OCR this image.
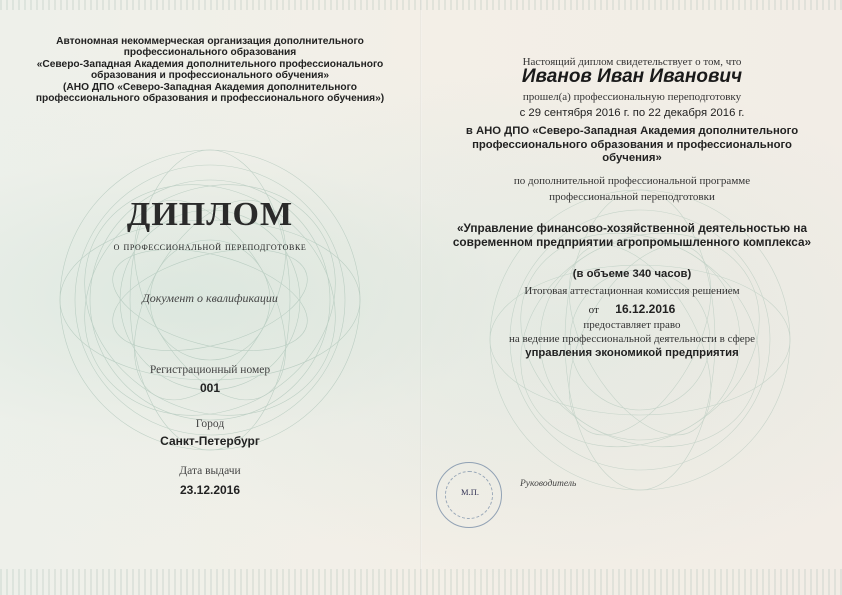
Автономная некоммерческая организация дополнительного
профессионального образования
«Северо-Западная Академия дополнительного профессионального
образования и профессионального обучения»
(АНО ДПО «Северо-Западная Академия дополнительного
профессионального образования и профессионального обучения»)
ДИПЛОМ
о профессиональной переподготовке
Документ о квалификации
Регистрационный номер
001
Город
Санкт-Петербург
Дата выдачи
23.12.2016
Настоящий диплом свидетельствует о том, что
Иванов Иван Иванович
прошел(а) профессиональную переподготовку
с 29 сентября 2016 г. по 22 декабря 2016 г.
в АНО ДПО «Северо-Западная Академия дополнительного
профессионального образования и профессионального
обучения»
по дополнительной профессиональной программе
профессиональной переподготовки
«Управление финансово-хозяйственной деятельностью на
современном предприятии агропромышленного комплекса»
(в объеме 340 часов)
Итоговая аттестационная комиссия решением
от 16.12.2016
предоставляет право
на ведение профессиональной деятельности в сфере
управления экономикой предприятия
М.П.
Руководитель
